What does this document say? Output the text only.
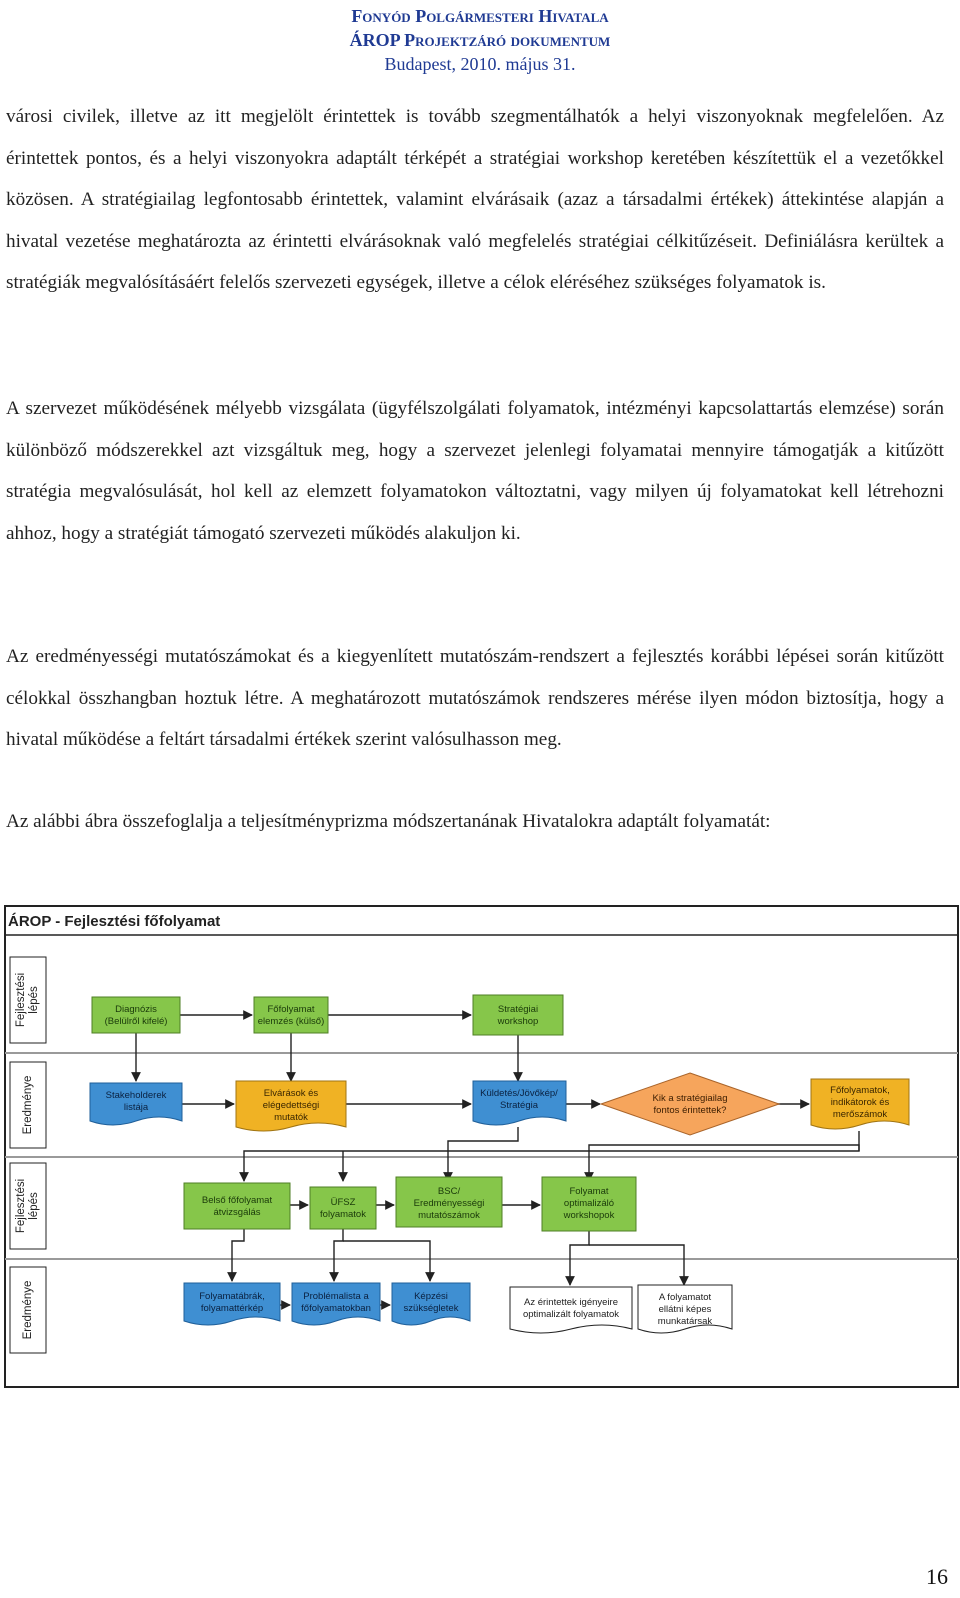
Fonyód Polgármesteri Hivatala
ÁROP Projektzáró dokumentum
Budapest, 2010. május 31.

városi civilek, illetve az itt megjelölt érintettek is tovább szegmentálhatók a helyi viszonyoknak megfelelően. Az érintettek pontos, és a helyi viszonyokra adaptált térképét a stratégiai workshop keretében készítettük el a vezetőkkel közösen. A stratégiailag legfontosabb érintettek, valamint elvárásaik (azaz a társadalmi értékek) áttekintése alapján a hivatal vezetése meghatározta az érintetti elvárásoknak való megfelelés stratégiai célkitűzéseit. Definiálásra kerültek a stratégiák megvalósításáért felelős szervezeti egységek, illetve a célok eléréséhez szükséges folyamatok is.

A szervezet működésének mélyebb vizsgálata (ügyfélszolgálati folyamatok, intézményi kapcsolattartás elemzése) során különböző módszerekkel azt vizsgáltuk meg, hogy a szervezet jelenlegi folyamatai mennyire támogatják a kitűzött stratégia megvalósulását, hol kell az elemzett folyamatokon változtatni, vagy milyen új folyamatokat kell létrehozni ahhoz, hogy a stratégiát támogató szervezeti működés alakuljon ki.

Az eredményességi mutatószámokat és a kiegyenlített mutatószám-rendszert a fejlesztés korábbi lépései során kitűzött célokkal összhangban hoztuk létre. A meghatározott mutatószámok rendszeres mérése ilyen módon biztosítja, hogy a hivatal működése a feltárt társadalmi értékek szerint valósulhasson meg.

Az alábbi ábra összefoglalja a teljesítményprizma módszertanának Hivatalokra adaptált folyamatát:

ÁROP - Fejlesztési főfolyamat
Fejlesztési lépés
Eredménye
Fejlesztési lépés
Eredménye
Diagnózis
(Belülről kifelé)
Főfolyamat
elemzés (külső)
Stratégiai
workshop
Stakeholderek
listája
Elvárások és
elégedettségi
mutatók
Küldetés/Jövőkép/
Stratégia
Kik a stratégiailag
fontos érintettek?
Főfolyamatok,
indikátorok és
merőszámok
Belső főfolyamat
átvizsgálás
ÜFSZ
folyamatok
BSC/
Eredményességi
mutatószámok
Folyamat
optimalizáló
workshopok
Folyamatábrák,
folyamattérkép
Problémalista a
főfolyamatokban
Képzési
szükségletek
Az érintettek igényeire
optimalizált folyamatok
A folyamatot
ellátni képes
munkatársak
16
